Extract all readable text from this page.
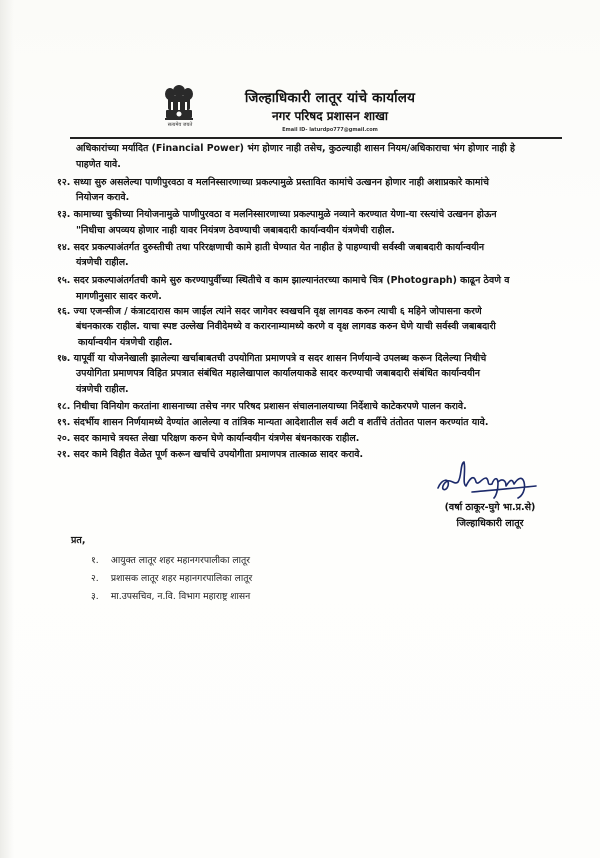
सत्यमेव जयते
जिल्हाधिकारी लातूर यांचे कार्यालय
नगर परिषद प्रशासन शाखा
Email ID- laturdpo777@gmail.com
अधिकारांच्या मर्यादित (Financial Power) भंग होणार नाही तसेच, कुठल्याही शासन नियम/अधिकाराचा भंग होणार नाही हे
पाहणेत यावे.
१२. सध्या सुरु असलेल्या पाणीपुरवठा व मलनिस्सारणाच्या प्रकल्पामुळे प्रस्तावित कामांचे उत्खनन होणार नाही अशाप्रकारे कामांचे
नियोजन करावे.
१३. कामाच्या चुकीच्या नियोजनामुळे पाणीपुरवठा व मलनिस्सारणाच्या प्रकल्पामुळे नव्याने करण्यात येणा-या रस्त्यांचे उत्खनन होऊन
"निधीचा अपव्यय होणार नाही यावर नियंत्रण ठेवण्याची जबाबदारी कार्यान्वयीन यंत्रणेची राहील.
१४. सदर प्रकल्पाअंतर्गत दुरुस्तीची तथा परिरक्षणाची कामे हाती घेण्यात येत नाहीत हे पाहण्याची सर्वस्वी जबाबदारी कार्यान्वयीन
यंत्रणेची राहील.
१५. सदर प्रकल्पाअंतर्गतची कामे सुरु करण्यापुर्वीच्या स्थितीचे व काम झाल्यानंतरच्या कामाचे चित्र (Photograph) काढून ठेवणे व
मागणीनुसार सादर करणे.
१६. ज्या एजन्सीज / कंत्राटदारास काम जाईल त्यांने सदर जागेवर स्वखचनि वृक्ष लागवड करुन त्याची ६ महिने जोपासना करणे
बंधनकारक राहील. याचा स्पष्ट उल्लेख निवीदेमध्ये व करारनाम्यामध्ये करणे व वृक्ष लागवड करुन घेणे याची सर्वस्वी जबाबदारी
कार्यान्वयीन यंत्रणेची राहील.
१७. यापूर्वी या योजनेखाली झालेल्या खर्चाबाबतची उपयोगिता प्रमाणपत्रे व सदर शासन निर्णयान्वे उपलब्ध करून दिलेल्या निधीचे
उपयोगिता प्रमाणपत्र विहित प्रपत्रात संबंधित महालेखापाल कार्यालयाकडे सादर करण्याची जबाबदारी संबंधित कार्यान्वयीन
यंत्रणेची राहील.
१८. निधीचा विनियोग करतांना शासनाच्या तसेच नगर परिषद प्रशासन संचालनालयाच्या निर्देशाचे काटेकरपणे पालन करावे.
१९. संदर्भीय शासन निर्णयामध्ये देण्यांत आलेल्या व तांत्रिक मान्यता आदेशातील सर्व अटी व शर्तीचे तंतोतत पालन करण्यांत यावे.
२०. सदर कामाचे त्रयस्त लेखा परिक्षण करुन घेणे कार्यान्वयीन यंत्रणेस बंधनकारक राहील.
२१. सदर कामे विहीत वेळेत पूर्ण करून खर्चाचे उपयोगीता प्रमाणपत्र तात्काळ सादर करावे.
(वर्षा ठाकूर-घुगे भा.प्र.से)
जिल्हाधिकारी लातूर
प्रत,
१. आयुक्त लातूर शहर महानगरपालीका लातूर
२. प्रशासक लातूर शहर महानगरपालिका लातूर
३. मा.उपसचिव, न.वि. विभाग महाराष्ट्र शासन
